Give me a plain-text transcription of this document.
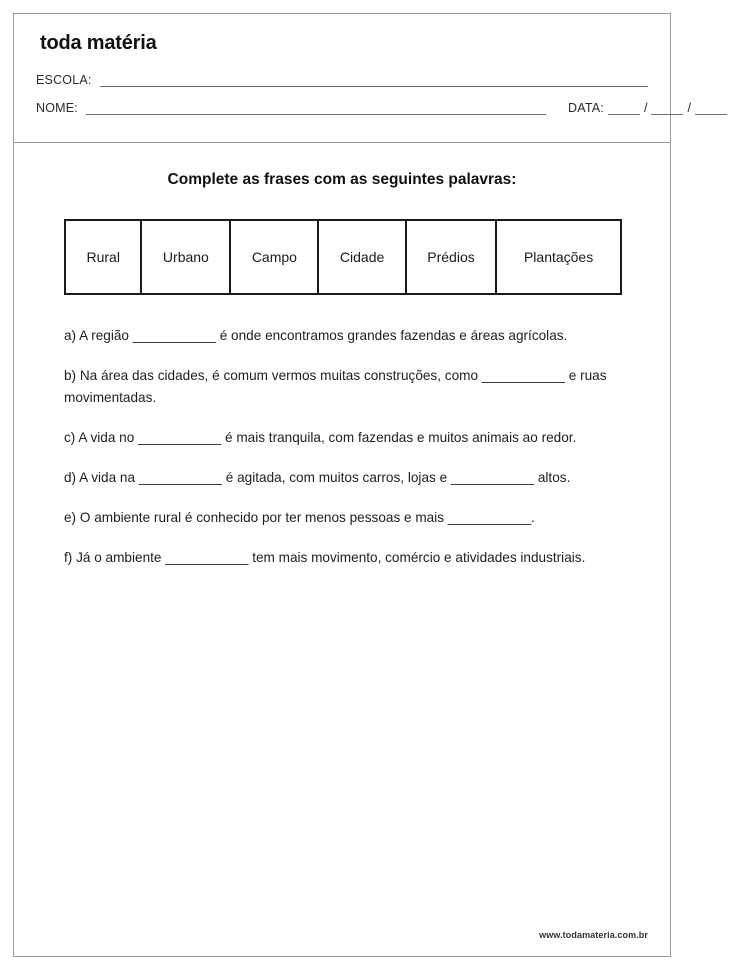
toda matéria
ESCOLA:
NOME:	DATA:	/	/
Complete as frases com as seguintes palavras:
Rural	Urbano	Campo	Cidade	Prédios	Plantações

a) A região ___________ é onde encontramos grandes fazendas e áreas agrícolas.

b) Na área das cidades, é comum vermos muitas construções, como ___________ e ruas movimentadas.

c) A vida no ___________ é mais tranquila, com fazendas e muitos animais ao redor.

d) A vida na ___________ é agitada, com muitos carros, lojas e ___________ altos.

e) O ambiente rural é conhecido por ter menos pessoas e mais ___________.

f) Já o ambiente ___________ tem mais movimento, comércio e atividades industriais.

www.todamateria.com.br
